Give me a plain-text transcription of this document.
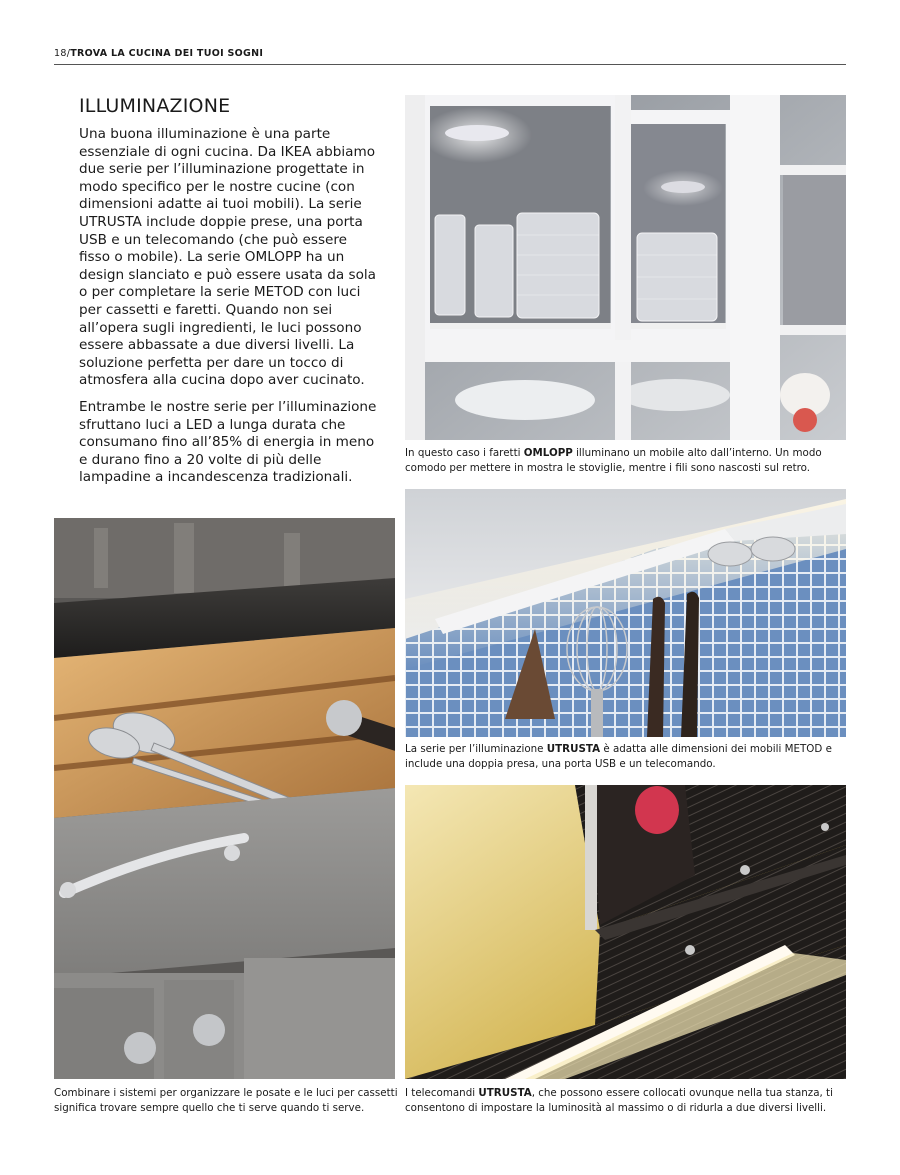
18/TROVA LA CUCINA DEI TUOI SOGNI
ILLUMINAZIONE

Una buona illuminazione è una parte essenziale di ogni cucina. Da IKEA abbiamo due serie per l’illuminazione progettate in modo specifico per le nostre cucine (con dimensioni adatte ai tuoi mobili). La serie UTRUSTA include doppie prese, una porta USB e un telecomando (che può essere fisso o mobile). La serie OMLOPP ha un design slanciato e può essere usata da sola o per completare la serie METOD con luci per cassetti e faretti. Quando non sei all’opera sugli ingredienti, le luci possono essere abbassate a due diversi livelli. La soluzione perfetta per dare un tocco di atmosfera alla cucina dopo aver cucinato.

Entrambe le nostre serie per l’illuminazione sfruttano luci a LED a lunga durata che consumano fino all’85% di energia in meno e durano fino a 20 volte di più delle lampadine a incandescenza tradizionali.

In questo caso i faretti OMLOPP illuminano un mobile alto dall’interno. Un modo comodo per mettere in mostra le stoviglie, mentre i fili sono nascosti sul retro.

La serie per l’illuminazione UTRUSTA è adatta alle dimensioni dei mobili METOD e include una doppia presa, una porta USB e un telecomando.

Combinare i sistemi per organizzare le posate e le luci per cassetti significa trovare sempre quello che ti serve quando ti serve.

I telecomandi UTRUSTA, che possono essere collocati ovunque nella tua stanza, ti consentono di impostare la luminosità al massimo o di ridurla a due diversi livelli.
